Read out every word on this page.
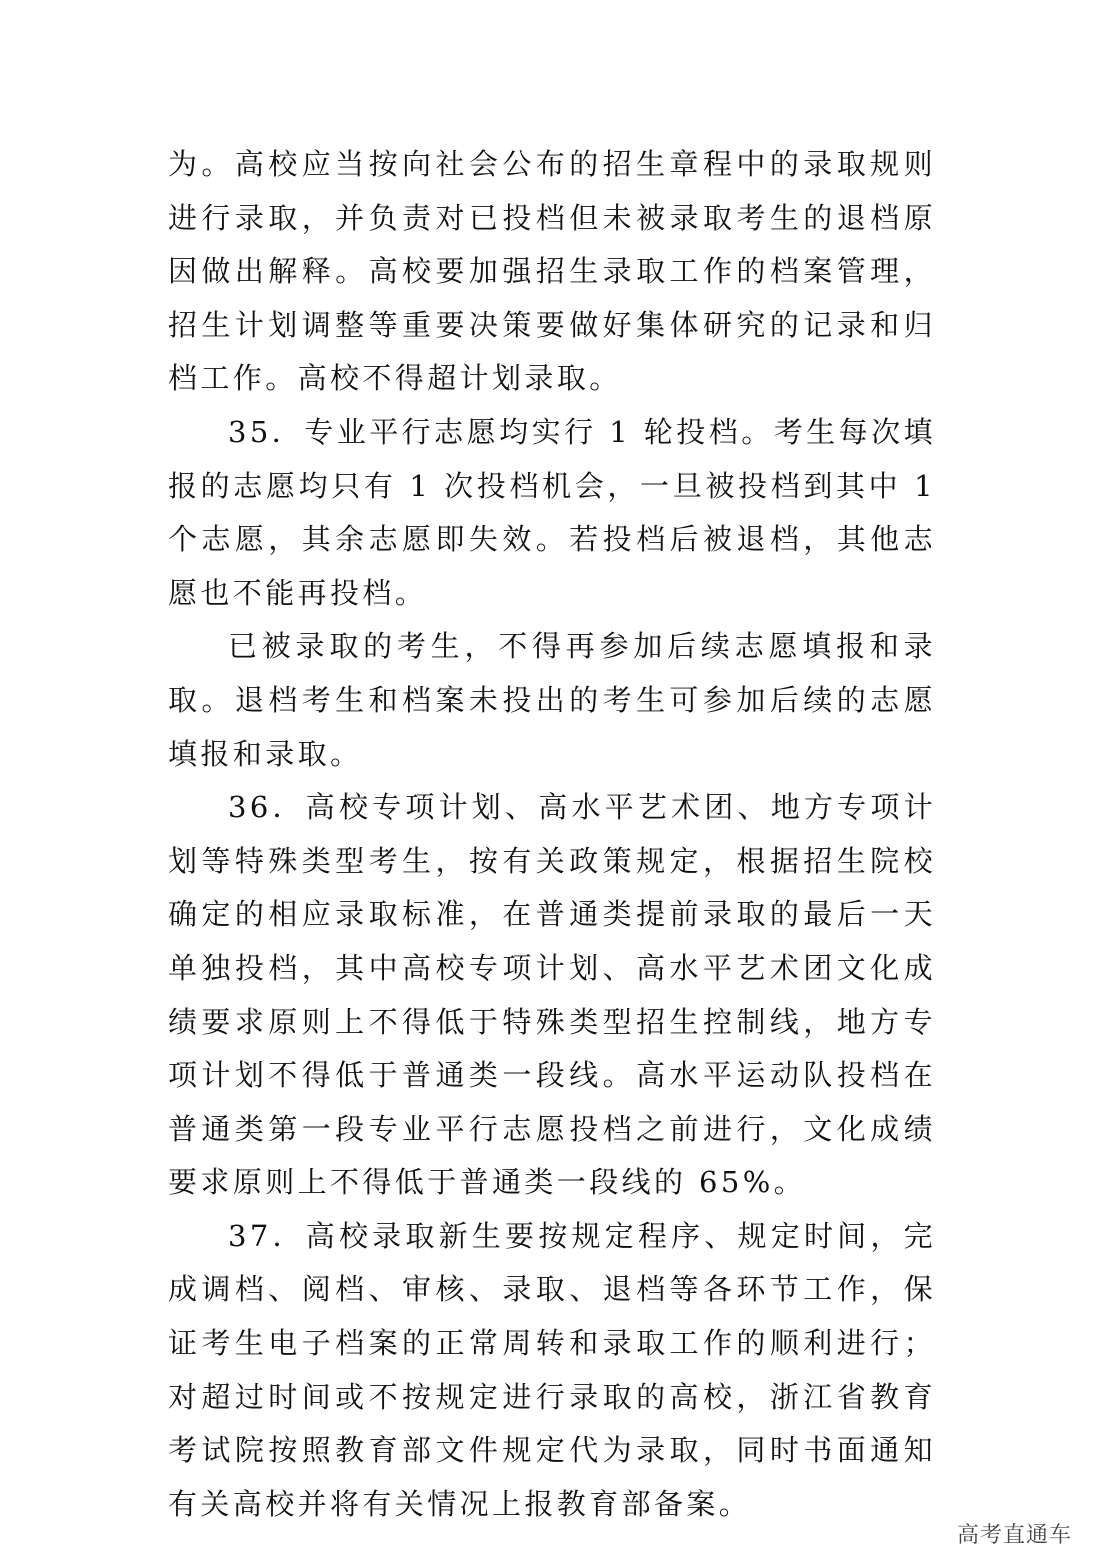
为。高校应当按向社会公布的招生章程中的录取规则进行录取，并负责对已投档但未被录取考生的退档原因做出解释。高校要加强招生录取工作的档案管理，招生计划调整等重要决策要做好集体研究的记录和归档工作。高校不得超计划录取。

35．专业平行志愿均实行 1 轮投档。考生每次填报的志愿均只有 1 次投档机会，一旦被投档到其中 1 个志愿，其余志愿即失效。若投档后被退档，其他志愿也不能再投档。

已被录取的考生，不得再参加后续志愿填报和录取。退档考生和档案未投出的考生可参加后续的志愿填报和录取。

36．高校专项计划、高水平艺术团、地方专项计划等特殊类型考生，按有关政策规定，根据招生院校确定的相应录取标准，在普通类提前录取的最后一天单独投档，其中高校专项计划、高水平艺术团文化成绩要求原则上不得低于特殊类型招生控制线，地方专项计划不得低于普通类一段线。高水平运动队投档在普通类第一段专业平行志愿投档之前进行，文化成绩要求原则上不得低于普通类一段线的 65%。

37．高校录取新生要按规定程序、规定时间，完成调档、阅档、审核、录取、退档等各环节工作，保证考生电子档案的正常周转和录取工作的顺利进行；对超过时间或不按规定进行录取的高校，浙江省教育考试院按照教育部文件规定代为录取，同时书面通知有关高校并将有关情况上报教育部备案。

高考直通车
